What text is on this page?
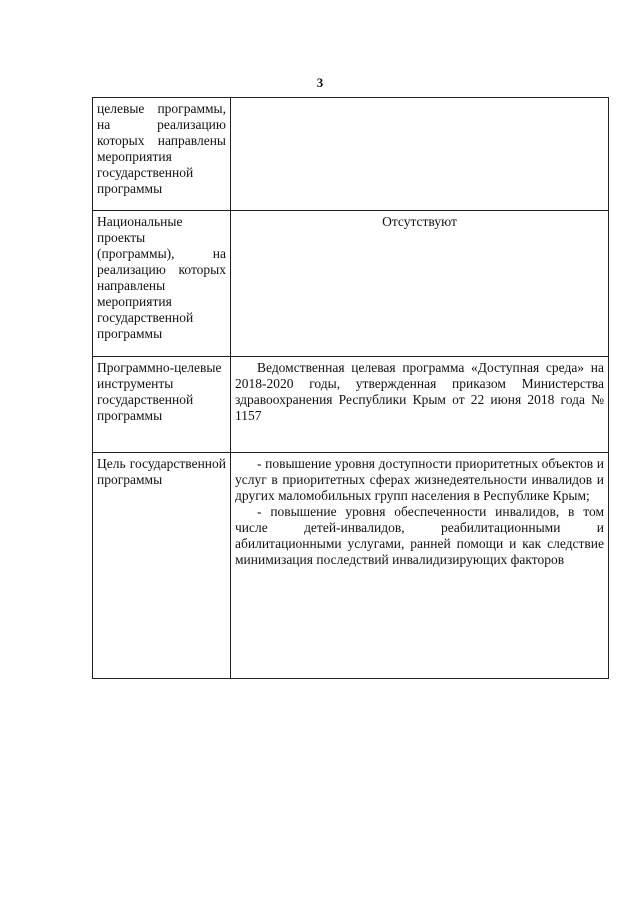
3
целевые программы, на реализацию которых направлены мероприятия государственной программы	
Национальные проекты (программы), на реализацию которых направлены мероприятия государственной программы	Отсутствуют
Программно-целевые инструменты государственной программы	Ведомственная целевая программа «Доступная среда» на 2018-2020 годы, утвержденная приказом Министерства здравоохранения Республики Крым от 22 июня 2018 года № 1157

Цель государственной программы	- повышение уровня доступности приоритетных объектов и услуг в приоритетных сферах жизнедеятельности инвалидов и других маломобильных групп населения в Республике Крым;

- повышение уровня обеспеченности инвалидов, в том числе детей-инвалидов, реабилитационными и абилитационными услугами, ранней помощи и как следствие минимизация последствий инвалидизирующих факторов
